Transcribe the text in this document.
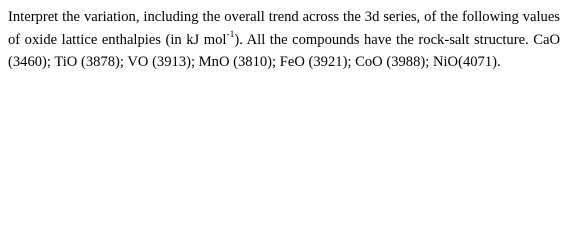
Interpret the variation, including the overall trend across the 3d series, of the following values of oxide lattice enthalpies (in kJ mol$^{-1}$). All the compounds have the rock-salt structure. CaO (3460); TiO (3878); VO (3913); MnO (3810); FeO (3921); CoO (3988); NiO(4071).
